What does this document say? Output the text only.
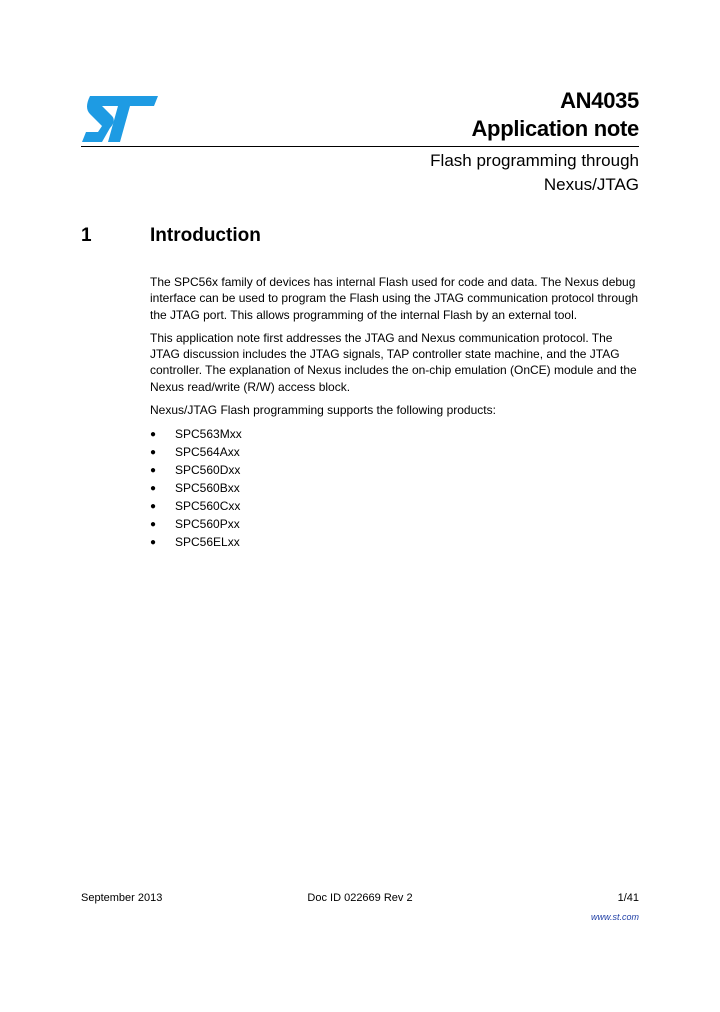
AN4035
Application note
Flash programming through
Nexus/JTAG
1	Introduction

The SPC56x family of devices has internal Flash used for code and data. The Nexus debug interface can be used to program the Flash using the JTAG communication protocol through the JTAG port. This allows programming of the internal Flash by an external tool.

This application note first addresses the JTAG and Nexus communication protocol. The JTAG discussion includes the JTAG signals, TAP controller state machine, and the JTAG controller. The explanation of Nexus includes the on-chip emulation (OnCE) module and the Nexus read/write (R/W) access block.

Nexus/JTAG Flash programming supports the following products:

● SPC563Mxx
● SPC564Axx
● SPC560Dxx
● SPC560Bxx
● SPC560Cxx
● SPC560Pxx
● SPC56ELxx
September 2013	Doc ID 022669 Rev 2	1/41
www.st.com
